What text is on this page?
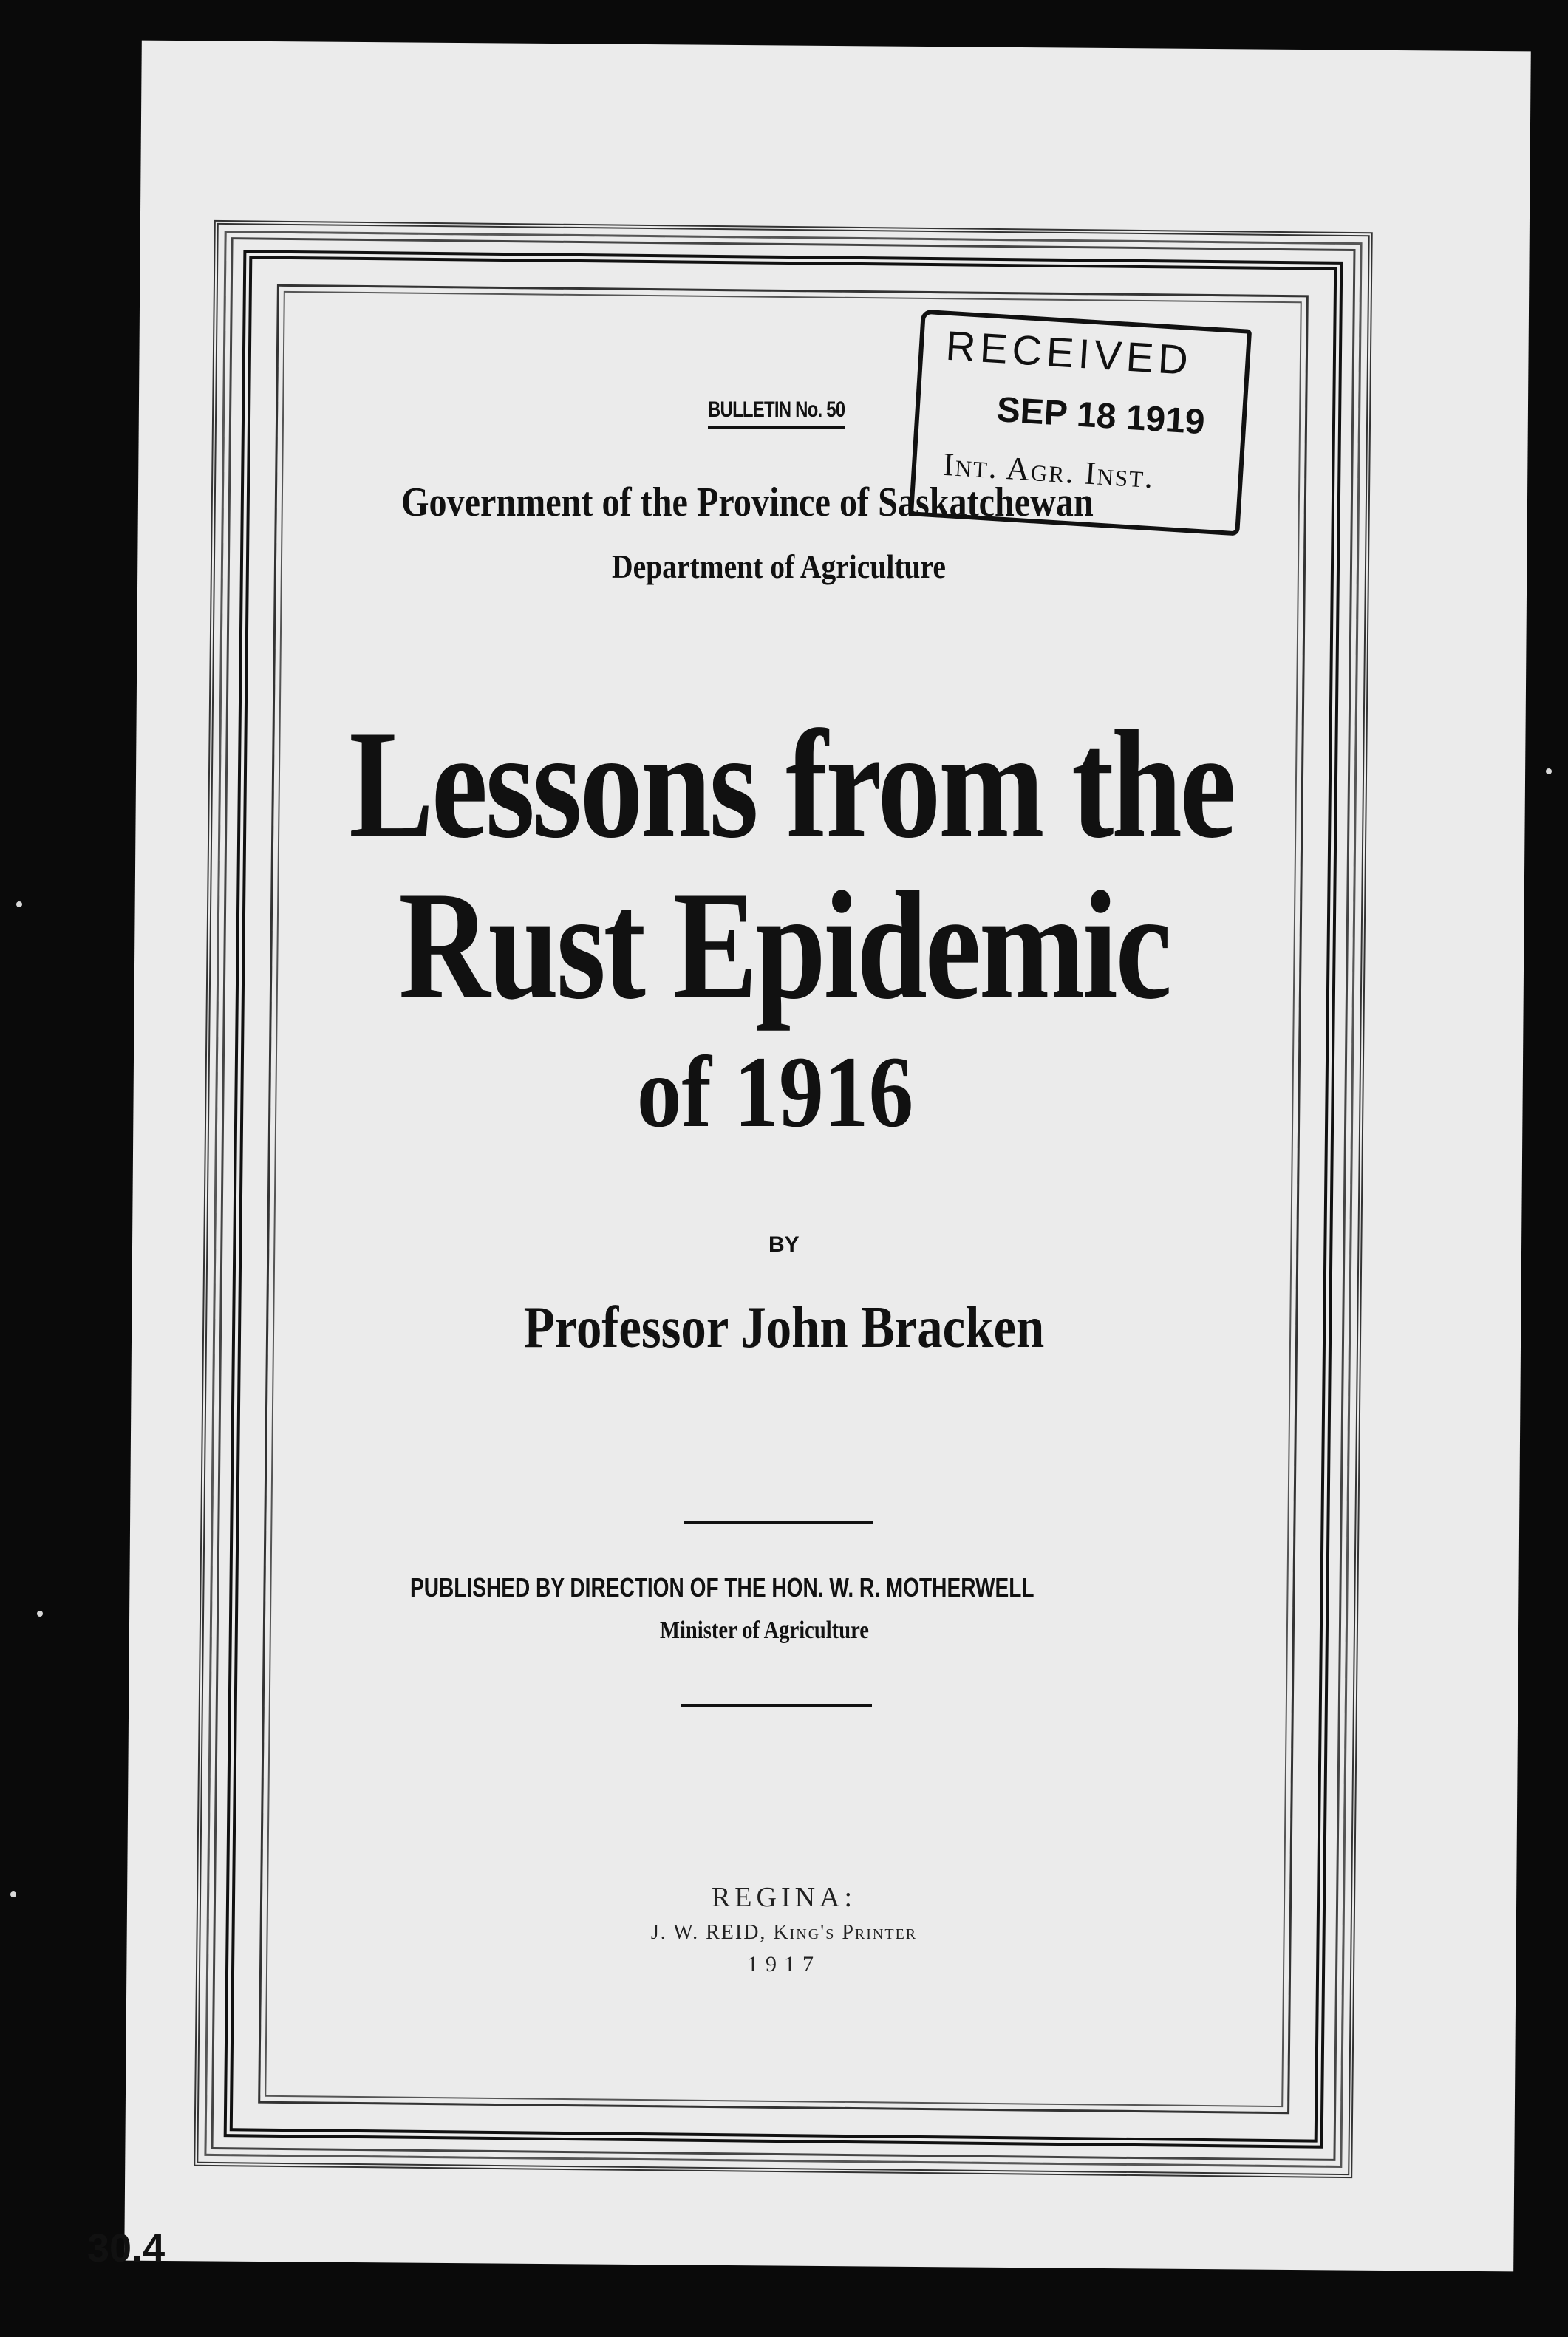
BULLETIN No. 50
RECEIVED
SEP 18 1919
Int. Agr. Inst.
Government of the Province of Saskatchewan
Department of Agriculture
Lessons from the
Rust Epidemic
of 1916
BY
Professor John Bracken
PUBLISHED BY DIRECTION OF THE HON. W. R. MOTHERWELL
Minister of Agriculture
REGINA:
J. W. REID, King's Printer
1917
30.4
